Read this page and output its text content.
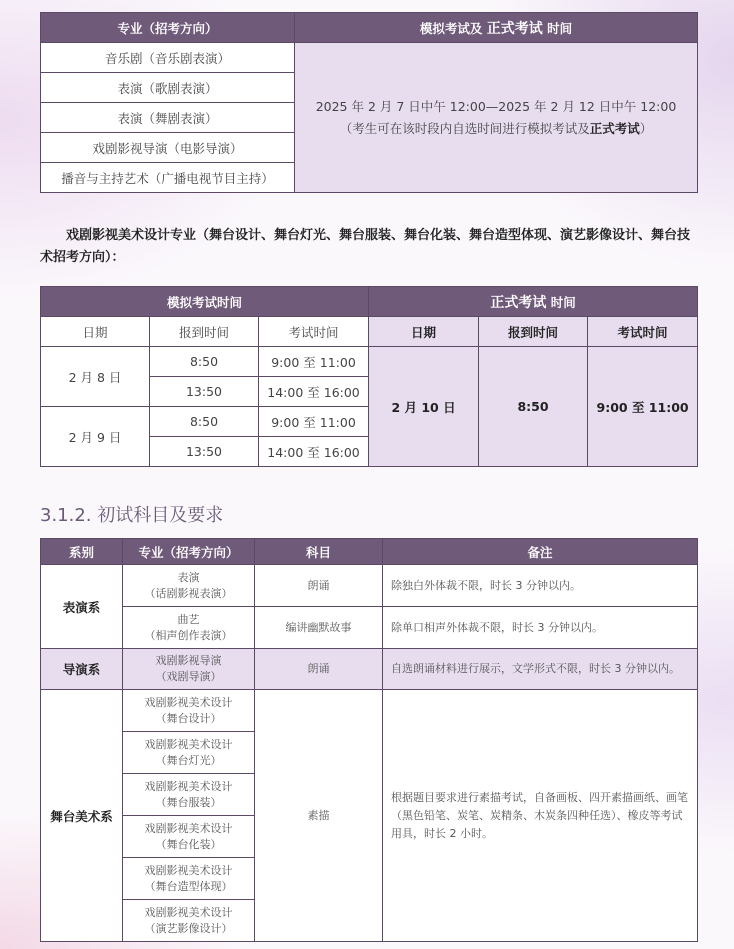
专业（招考方向）	模拟考试及 正式考试 时间
音乐剧（音乐剧表演）	2025 年 2 月 7 日中午 12:00—2025 年 2 月 12 日中午 12:00
（考生可在该时段内自选时间进行模拟考试及正式考试）

表演（歌剧表演）	
表演（舞剧表演）	
戏剧影视导演（电影导演）	
播音与主持艺术（广播电视节目主持）	
戏剧影视美术设计专业（舞台设计、舞台灯光、舞台服装、舞台化装、舞台造型体现、演艺影像设计、舞台技术招考方向）：
模拟考试时间			正式考试 时间		
日期	报到时间	考试时间	日期	报到时间	考试时间
2 月 8 日	8:50	9:00 至 11:00	2 月 10 日	8:50	9:00 至 11:00
	13:50	14:00 至 16:00			
2 月 9 日	8:50	9:00 至 11:00			
	13:50	14:00 至 16:00			
3.1.2. 初试科目及要求
系别	专业（招考方向）	科目	备注
表演系	表演
（话剧影视表演）	朗诵	除独白外体裁不限，时长 3 分钟以内。

	曲艺
（相声创作表演）	编讲幽默故事	除单口相声外体裁不限，时长 3 分钟以内。
导演系	戏剧影视导演
（戏剧导演）	朗诵	自选朗诵材料进行展示，文学形式不限，时长 3 分钟以内。
舞台美术系	戏剧影视美术设计
（舞台设计）	素描	根据题目要求进行素描考试，自备画板、四开素描画纸、画笔（黑色铅笔、炭笔、炭精条、木炭条四种任选）、橡皮等考试用具，时长 2 小时。

	戏剧影视美术设计
（舞台灯光）		

	戏剧影视美术设计
（舞台服装）		

	戏剧影视美术设计
（舞台化装）		

	戏剧影视美术设计
（舞台造型体现）		

	戏剧影视美术设计
（演艺影像设计）		
